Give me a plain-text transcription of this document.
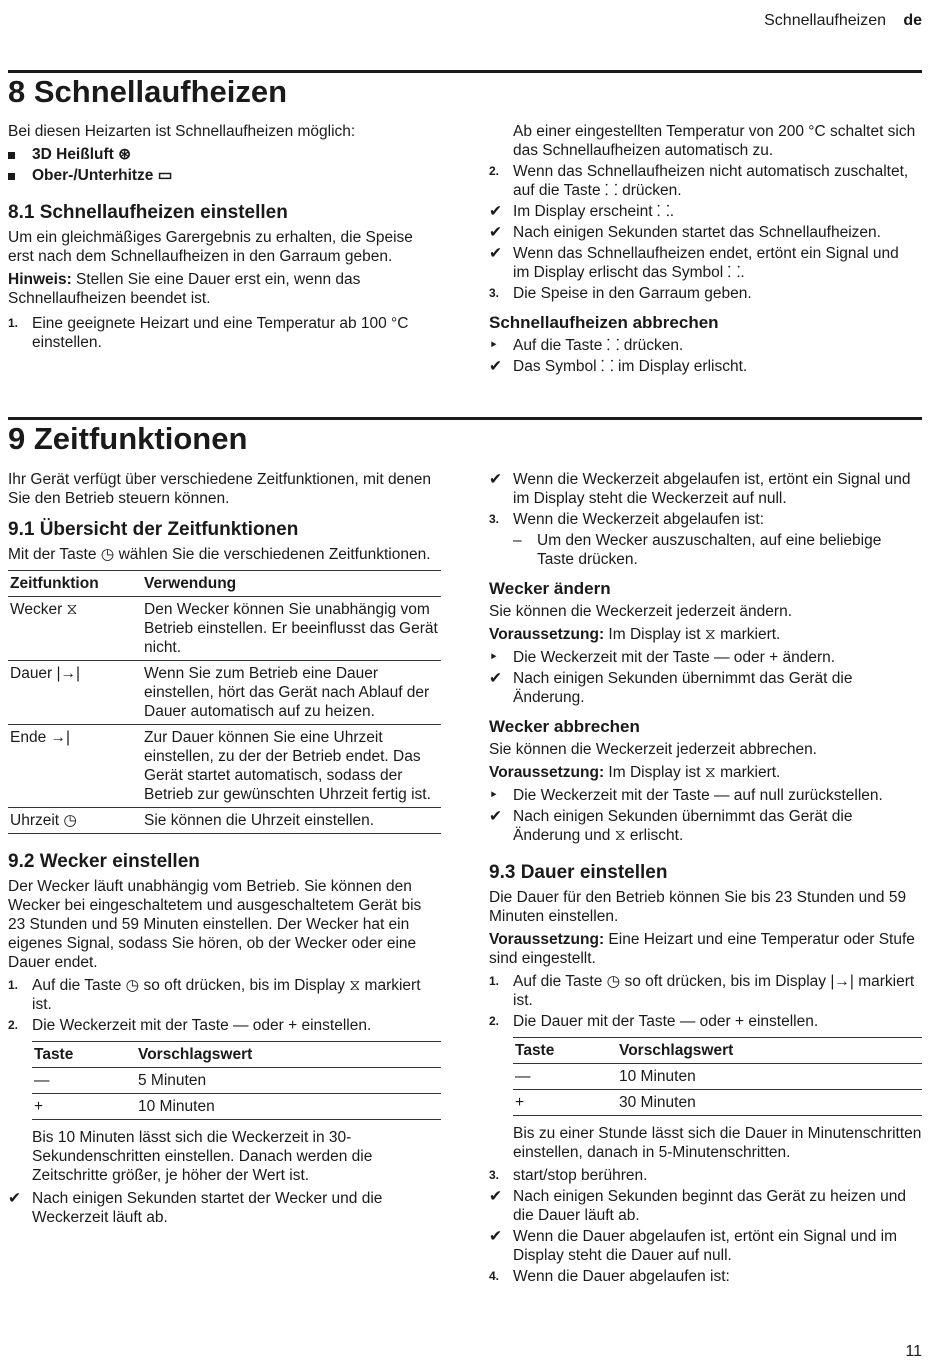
Schnellaufheizen de
8 Schnellaufheizen

Bei diesen Heizarten ist Schnellaufheizen möglich:

3D Heißluft ⊛
Ober-/Unterhitze ▭
8.1 Schnellaufheizen einstellen

Um ein gleichmäßiges Garergebnis zu erhalten, die Speise erst nach dem Schnellaufheizen in den Garraum geben.

Hinweis: Stellen Sie eine Dauer erst ein, wenn das Schnellaufheizen beendet ist.

1. Eine geeignete Heizart und eine Temperatur ab 100 °C einstellen.
Ab einer eingestellten Temperatur von 200 °C schaltet sich das Schnellaufheizen automatisch zu.
2. Wenn das Schnellaufheizen nicht automatisch zuschaltet, auf die Taste ⸬ drücken.
✔ Im Display erscheint ⸬.
✔ Nach einigen Sekunden startet das Schnellaufheizen.
✔ Wenn das Schnellaufheizen endet, ertönt ein Signal und im Display erlischt das Symbol ⸬.
3. Die Speise in den Garraum geben.
Schnellaufheizen abbrechen
‣ Auf die Taste ⸬ drücken.
✔ Das Symbol ⸬ im Display erlischt.
9 Zeitfunktionen

Ihr Gerät verfügt über verschiedene Zeitfunktionen, mit denen Sie den Betrieb steuern können.

9.1 Übersicht der Zeitfunktionen

Mit der Taste ◷ wählen Sie die verschiedenen Zeitfunktionen.

Zeitfunktion	Verwendung
Wecker ⧖	Den Wecker können Sie unabhängig vom Betrieb einstellen. Er beeinflusst das Gerät nicht.
Dauer |→|	Wenn Sie zum Betrieb eine Dauer einstellen, hört das Gerät nach Ablauf der Dauer automatisch auf zu heizen.
Ende →|	Zur Dauer können Sie eine Uhrzeit einstellen, zu der der Betrieb endet. Das Gerät startet automatisch, sodass der Betrieb zur gewünschten Uhrzeit fertig ist.
Uhrzeit ◷	Sie können die Uhrzeit einstellen.
9.2 Wecker einstellen

Der Wecker läuft unabhängig vom Betrieb. Sie können den Wecker bei eingeschaltetem und ausgeschaltetem Gerät bis 23 Stunden und 59 Minuten einstellen. Der Wecker hat ein eigenes Signal, sodass Sie hören, ob der Wecker oder eine Dauer endet.

1. Auf die Taste ◷ so oft drücken, bis im Display ⧖ markiert ist.
2. Die Weckerzeit mit der Taste — oder + einstellen.
Taste	Vorschlagswert
—	5 Minuten
+	10 Minuten

Bis 10 Minuten lässt sich die Weckerzeit in 30-Sekundenschritten einstellen. Danach werden die Zeitschritte größer, je höher der Wert ist.

✔ Nach einigen Sekunden startet der Wecker und die Weckerzeit läuft ab.
✔ Wenn die Weckerzeit abgelaufen ist, ertönt ein Signal und im Display steht die Weckerzeit auf null.
3. Wenn die Weckerzeit abgelaufen ist:
– Um den Wecker auszuschalten, auf eine beliebige Taste drücken.
Wecker ändern

Sie können die Weckerzeit jederzeit ändern.

Voraussetzung: Im Display ist ⧖ markiert.

‣ Die Weckerzeit mit der Taste — oder + ändern.
✔ Nach einigen Sekunden übernimmt das Gerät die Änderung.
Wecker abbrechen

Sie können die Weckerzeit jederzeit abbrechen.

Voraussetzung: Im Display ist ⧖ markiert.

‣ Die Weckerzeit mit der Taste — auf null zurückstellen.
✔ Nach einigen Sekunden übernimmt das Gerät die Änderung und ⧖ erlischt.
9.3 Dauer einstellen

Die Dauer für den Betrieb können Sie bis 23 Stunden und 59 Minuten einstellen.

Voraussetzung: Eine Heizart und eine Temperatur oder Stufe sind eingestellt.

1. Auf die Taste ◷ so oft drücken, bis im Display |→| markiert ist.
2. Die Dauer mit der Taste — oder + einstellen.
Taste	Vorschlagswert
—	10 Minuten
+	30 Minuten

Bis zu einer Stunde lässt sich die Dauer in Minutenschritten einstellen, danach in 5-Minutenschritten.

3. start/stop berühren.
✔ Nach einigen Sekunden beginnt das Gerät zu heizen und die Dauer läuft ab.
✔ Wenn die Dauer abgelaufen ist, ertönt ein Signal und im Display steht die Dauer auf null.
4. Wenn die Dauer abgelaufen ist:
11
